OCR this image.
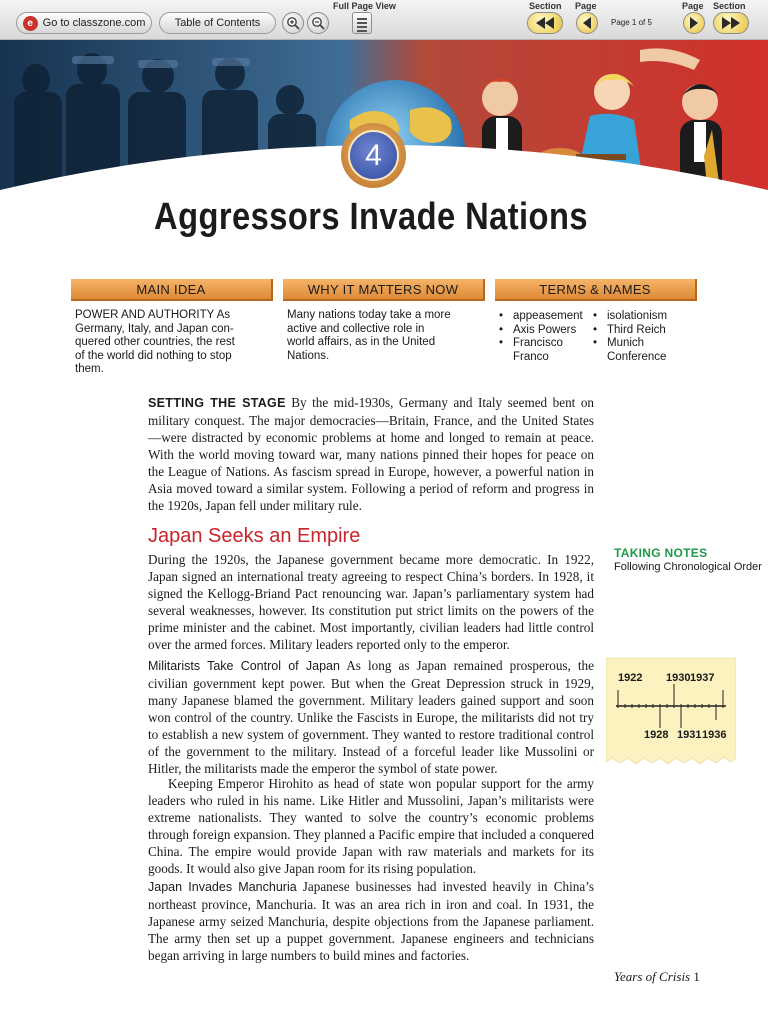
e Go to classzone.com	Table of Contents
Full Page View	Section Page	Page Section
Page 1 of 5
4
Aggressors Invade Nations
MAIN IDEA	WHY IT MATTERS NOW	TERMS & NAMES
POWER AND AUTHORITY As
Germany, Italy, and Japan con-
quered other countries, the rest
of the world did nothing to stop
them.
Many nations today take a more
active and collective role in
world affairs, as in the United
Nations.
• appeasement
• Axis Powers
• Francisco Franco
• isolationism
• Third Reich
• Munich Conference

SETTING THE STAGE By the mid-1930s, Germany and Italy seemed bent on military conquest. The major democracies—Britain, France, and the United States—were distracted by economic problems at home and longed to remain at peace. With the world moving toward war, many nations pinned their hopes for peace on the League of Nations. As fascism spread in Europe, however, a powerful nation in Asia moved toward a similar system. Following a period of reform and progress in the 1920s, Japan fell under military rule.

Japan Seeks an Empire

During the 1920s, the Japanese government became more democratic. In 1922, Japan signed an international treaty agreeing to respect China’s borders. In 1928, it signed the Kellogg-Briand Pact renouncing war. Japan’s parliamentary system had several weaknesses, however. Its constitution put strict limits on the powers of the prime minister and the cabinet. Most importantly, civilian leaders had little control over the armed forces. Military leaders reported only to the emperor.

Militarists Take Control of Japan As long as Japan remained prosperous, the civilian government kept power. But when the Great Depression struck in 1929, many Japanese blamed the government. Military leaders gained support and soon won control of the country. Unlike the Fascists in Europe, the militarists did not try to establish a new system of government. They wanted to restore traditional control of the government to the military. Instead of a forceful leader like Mussolini or Hitler, the militarists made the emperor the symbol of state power.

Keeping Emperor Hirohito as head of state won popular support for the army leaders who ruled in his name. Like Hitler and Mussolini, Japan’s militarists were extreme nationalists. They wanted to solve the country’s economic problems through foreign expansion. They planned a Pacific empire that included a conquered China. The empire would provide Japan with raw materials and markets for its goods. It would also give Japan room for its rising population.

Japan Invades Manchuria Japanese businesses had invested heavily in China’s northeast province, Manchuria. It was an area rich in iron and coal. In 1931, the Japanese army seized Manchuria, despite objections from the Japanese parliament. The army then set up a puppet government. Japanese engineers and technicians began arriving in large numbers to build mines and factories.

TAKING NOTES
Following Chronological Order
1922 1930 1937
1928 1931 1936
Years of Crisis 1
